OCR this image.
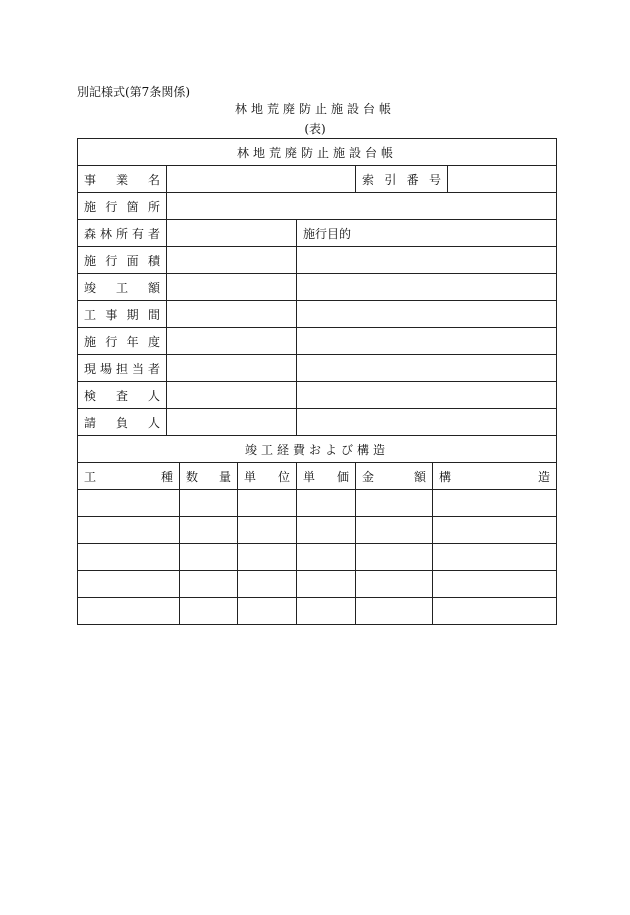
別記様式(第7条関係)
林地荒廃防止施設台帳
(表)
林地荒廃防止施設台帳							

事 業 名					索 引 番 号		

施 行 箇 所							

森 林 所 有 者				施行目的			

施 行 面 積							

竣 工 額							

工 事 期 間							

施 行 年 度							

現 場 担 当 者							

検 査 人							

請 負 人							

竣工経費および構造							

工 種		数 量	単 位	単 価	金 額	構 造	
